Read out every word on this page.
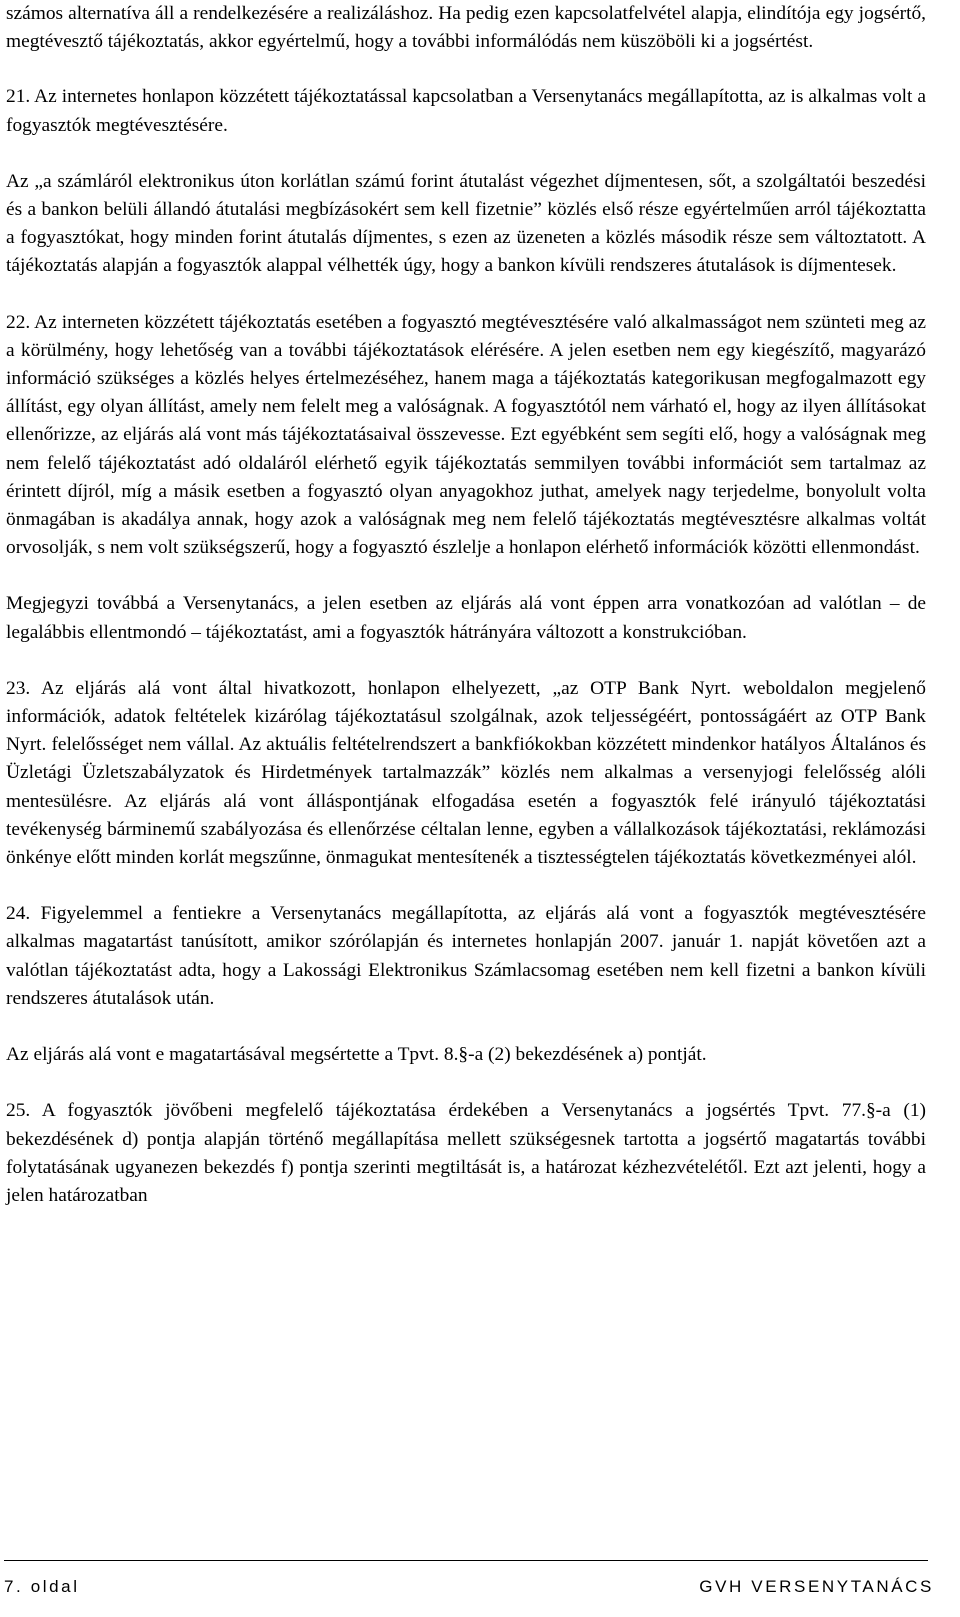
számos alternatíva áll a rendelkezésére a realizáláshoz. Ha pedig ezen kapcsolatfelvétel alapja, elindítója egy jogsértő, megtévesztő tájékoztatás, akkor egyértelmű, hogy a további informálódás nem küszöböli ki a jogsértést.

21. Az internetes honlapon közzétett tájékoztatással kapcsolatban a Versenytanács megállapította, az is alkalmas volt a fogyasztók megtévesztésére.

Az „a számláról elektronikus úton korlátlan számú forint átutalást végezhet díjmentesen, sőt, a szolgáltatói beszedési és a bankon belüli állandó átutalási megbízásokért sem kell fizetnie” közlés első része egyértelműen arról tájékoztatta a fogyasztókat, hogy minden forint átutalás díjmentes, s ezen az üzeneten a közlés második része sem változtatott. A tájékoztatás alapján a fogyasztók alappal vélhették úgy, hogy a bankon kívüli rendszeres átutalások is díjmentesek.

22. Az interneten közzétett tájékoztatás esetében a fogyasztó megtévesztésére való alkalmasságot nem szünteti meg az a körülmény, hogy lehetőség van a további tájékoztatások elérésére. A jelen esetben nem egy kiegészítő, magyarázó információ szükséges a közlés helyes értelmezéséhez, hanem maga a tájékoztatás kategorikusan megfogalmazott egy állítást, egy olyan állítást, amely nem felelt meg a valóságnak. A fogyasztótól nem várható el, hogy az ilyen állításokat ellenőrizze, az eljárás alá vont más tájékoztatásaival összevesse. Ezt egyébként sem segíti elő, hogy a valóságnak meg nem felelő tájékoztatást adó oldaláról elérhető egyik tájékoztatás semmilyen további információt sem tartalmaz az érintett díjról, míg a másik esetben a fogyasztó olyan anyagokhoz juthat, amelyek nagy terjedelme, bonyolult volta önmagában is akadálya annak, hogy azok a valóságnak meg nem felelő tájékoztatás megtévesztésre alkalmas voltát orvosolják, s nem volt szükségszerű, hogy a fogyasztó észlelje a honlapon elérhető információk közötti ellenmondást.

Megjegyzi továbbá a Versenytanács, a jelen esetben az eljárás alá vont éppen arra vonatkozóan ad valótlan – de legalábbis ellentmondó – tájékoztatást, ami a fogyasztók hátrányára változott a konstrukcióban.

23. Az eljárás alá vont által hivatkozott, honlapon elhelyezett, „az OTP Bank Nyrt. weboldalon megjelenő információk, adatok feltételek kizárólag tájékoztatásul szolgálnak, azok teljességéért, pontosságáért az OTP Bank Nyrt. felelősséget nem vállal. Az aktuális feltételrendszert a bankfiókokban közzétett mindenkor hatályos Általános és Üzletági Üzletszabályzatok és Hirdetmények tartalmazzák” közlés nem alkalmas a versenyjogi felelősség alóli mentesülésre. Az eljárás alá vont álláspontjának elfogadása esetén a fogyasztók felé irányuló tájékoztatási tevékenység bárminemű szabályozása és ellenőrzése céltalan lenne, egyben a vállalkozások tájékoztatási, reklámozási önkénye előtt minden korlát megszűnne, önmagukat mentesítenék a tisztességtelen tájékoztatás következményei alól.

24. Figyelemmel a fentiekre a Versenytanács megállapította, az eljárás alá vont a fogyasztók megtévesztésére alkalmas magatartást tanúsított, amikor szórólapján és internetes honlapján 2007. január 1. napját követően azt a valótlan tájékoztatást adta, hogy a Lakossági Elektronikus Számlacsomag esetében nem kell fizetni a bankon kívüli rendszeres átutalások után.

Az eljárás alá vont e magatartásával megsértette a Tpvt. 8.§-a (2) bekezdésének a) pontját.

25. A fogyasztók jövőbeni megfelelő tájékoztatása érdekében a Versenytanács a jogsértés Tpvt. 77.§-a (1) bekezdésének d) pontja alapján történő megállapítása mellett szükségesnek tartotta a jogsértő magatartás további folytatásának ugyanezen bekezdés f) pontja szerinti megtiltását is, a határozat kézhezvételétől. Ezt azt jelenti, hogy a jelen határozatban

7. oldal	GVH VERSENYTANÁCS
